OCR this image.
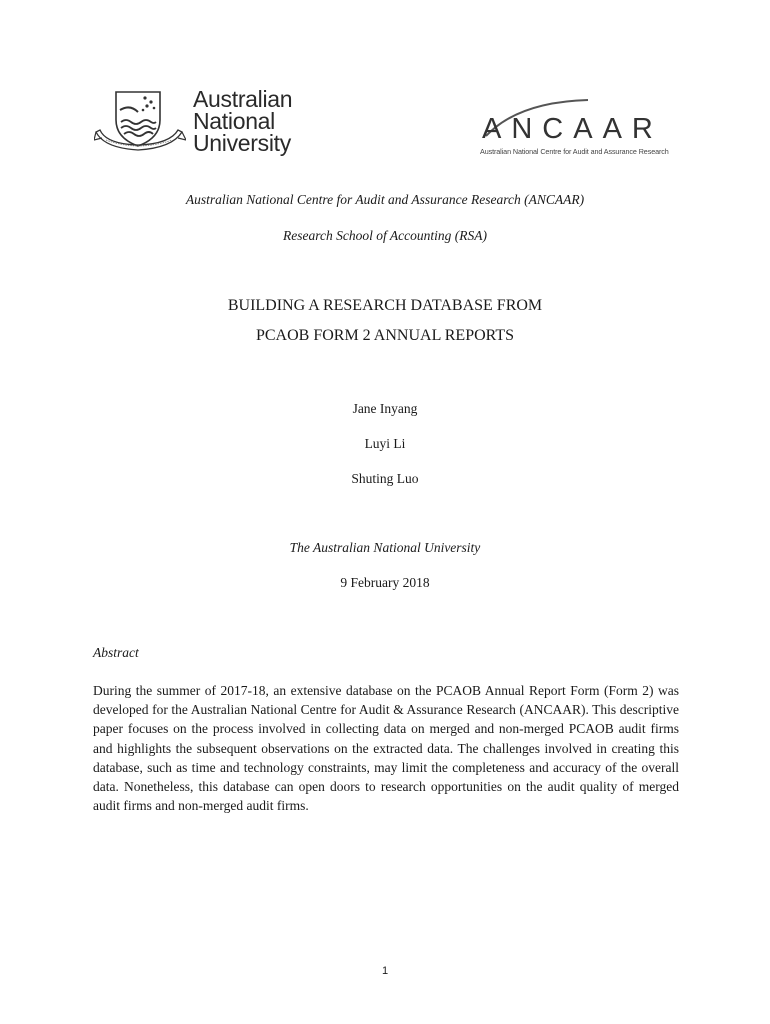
Australian
National
University	ANCAAR
Australian National Centre for Audit and Assurance Research
Australian National Centre for Audit and Assurance Research (ANCAAR)
Research School of Accounting (RSA)
BUILDING A RESEARCH DATABASE FROM
PCAOB FORM 2 ANNUAL REPORTS
Jane Inyang
Luyi Li
Shuting Luo
The Australian National University
9 February 2018
Abstract
During the summer of 2017-18, an extensive database on the PCAOB Annual Report Form (Form 2) was developed for the Australian National Centre for Audit & Assurance Research (ANCAAR). This descriptive paper focuses on the process involved in collecting data on merged and non-merged PCAOB audit firms and highlights the subsequent observations on the extracted data. The challenges involved in creating this database, such as time and technology constraints, may limit the completeness and accuracy of the overall data. Nonetheless, this database can open doors to research opportunities on the audit quality of merged audit firms and non-merged audit firms.
1
